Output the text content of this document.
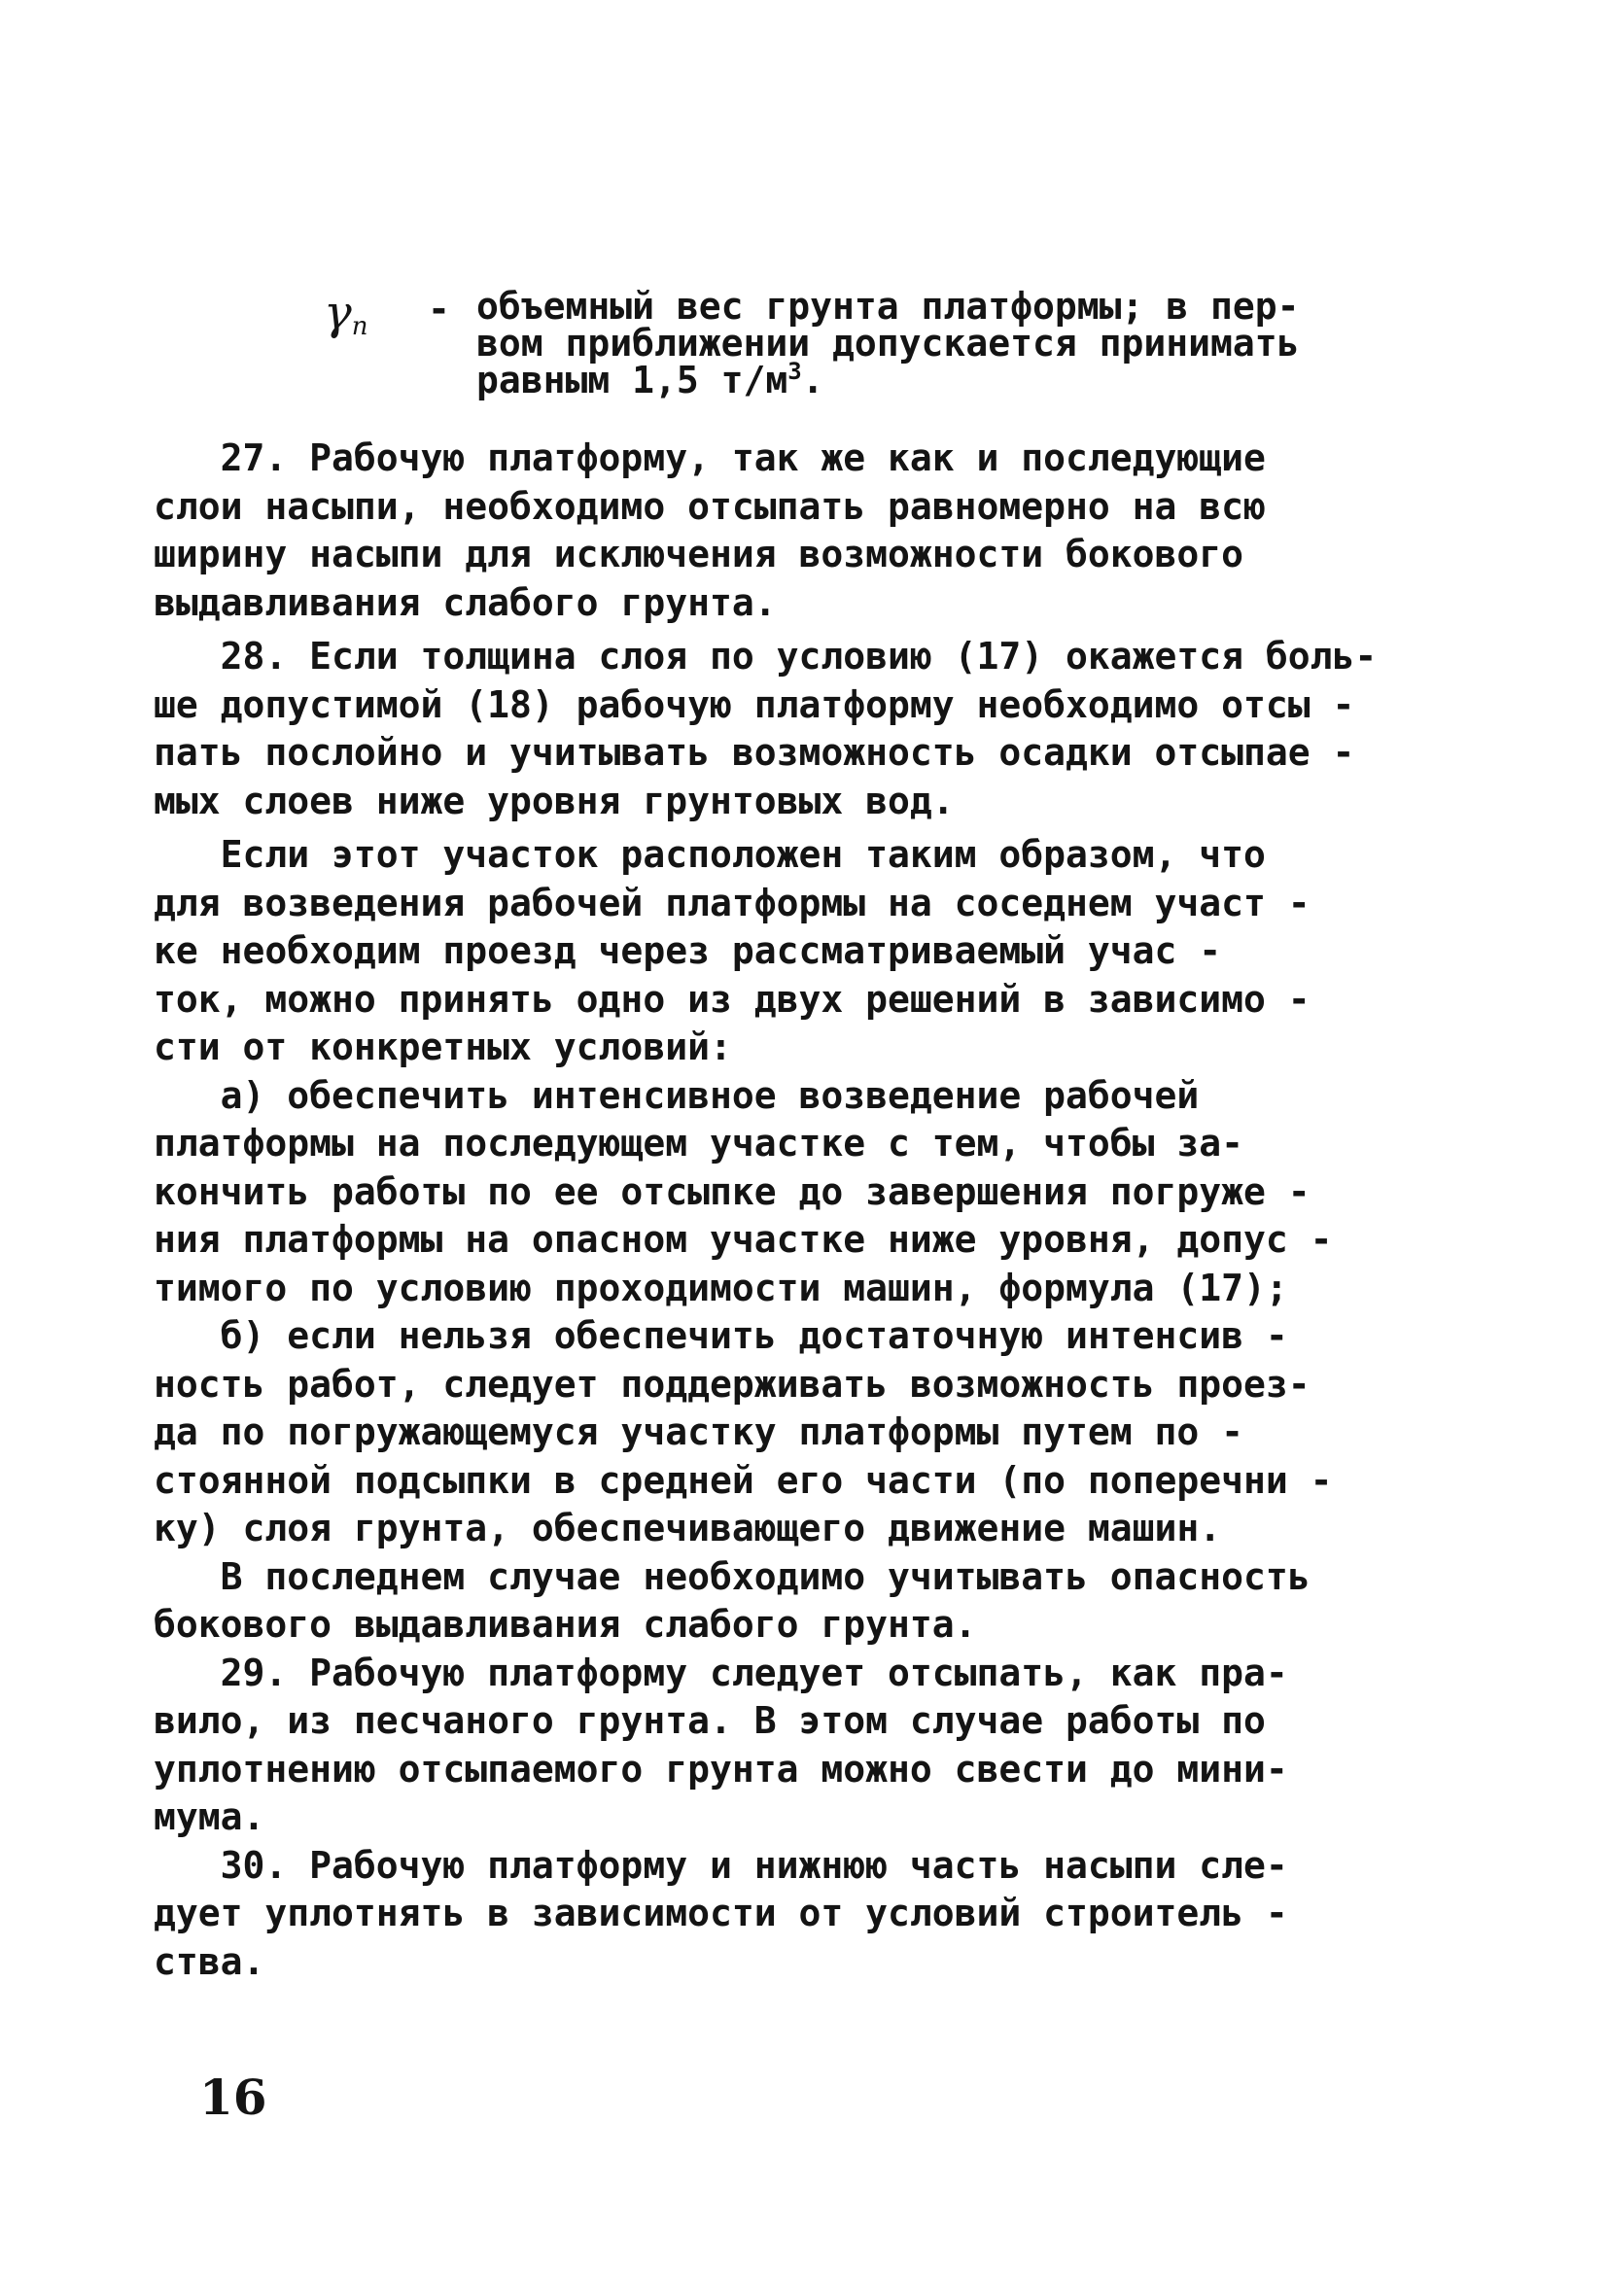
$\gamma_п$ - объемный вес грунта платформы; в пер-
вом приближении допускается принимать
равным 1,5 $т/м^3$.
27. Рабочую платформу, так же как и последующие
слои насыпи, необходимо отсыпать равномерно на всю
ширину насыпи для исключения возможности бокового
выдавливания слабого грунта.
28. Если толщина слоя по условию (17) окажется боль-
ше допустимой (18) рабочую платформу необходимо отсы -
пать послойно и учитывать возможность осадки отсыпае -
мых слоев ниже уровня грунтовых вод.
Если этот участок расположен таким образом, что
для возведения рабочей платформы на соседнем участ -
ке необходим проезд через рассматриваемый учас -
ток, можно принять одно из двух решений в зависимо -
сти от конкретных условий:
а) обеспечить интенсивное возведение рабочей
платформы на последующем участке с тем, чтобы за-
кончить работы по ее отсыпке до завершения погруже -
ния платформы на опасном участке ниже уровня, допус -
тимого по условию проходимости машин, формула (17);
б) если нельзя обеспечить достаточную интенсив -
ность работ, следует поддерживать возможность проез-
да по погружающемуся участку платформы путем по -
стоянной подсыпки в средней его части (по поперечни -
ку) слоя грунта, обеспечивающего движение машин.
В последнем случае необходимо учитывать опасность
бокового выдавливания слабого грунта.
29. Рабочую платформу следует отсыпать, как пра-
вило, из песчаного грунта. В этом случае работы по
уплотнению отсыпаемого грунта можно свести до мини-
мума.
30. Рабочую платформу и нижнюю часть насыпи сле-
дует уплотнять в зависимости от условий строитель -
ства.
16
